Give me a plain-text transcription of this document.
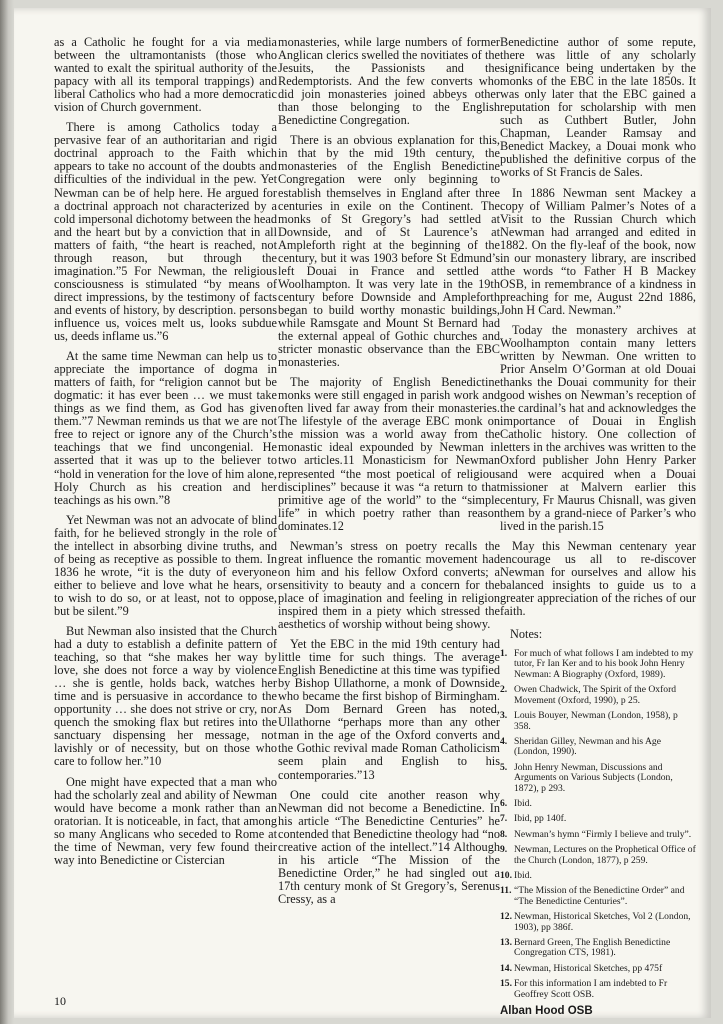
as a Catholic he fought for a via media between the ultramontanists (those who wanted to exalt the spiritual authority of the papacy with all its temporal trappings) and liberal Catholics who had a more democratic vision of Church government.

There is among Catholics today a pervasive fear of an authoritarian and rigid doctrinal approach to the Faith which appears to take no account of the doubts and difficulties of the individual in the pew. Yet Newman can be of help here. He argued for a doctrinal approach not characterized by a cold impersonal dichotomy between the head and the heart but by a conviction that in all matters of faith, “the heart is reached, not through reason, but through the imagination.”5 For Newman, the religious consciousness is stimulated “by means of direct impressions, by the testimony of facts and events of history, by description. persons influence us, voices melt us, looks subdue us, deeds inflame us.”6

At the same time Newman can help us to appreciate the importance of dogma in matters of faith, for “religion cannot but be dogmatic: it has ever been … we must take things as we find them, as God has given them.”7 Newman reminds us that we are not free to reject or ignore any of the Church’s teachings that we find uncongenial. He asserted that it was up to the believer to “hold in veneration for the love of him alone, Holy Church as his creation and her teachings as his own.”8

Yet Newman was not an advocate of blind faith, for he believed strongly in the role of the intellect in absorbing divine truths, and of being as receptive as possible to them. In 1836 he wrote, “it is the duty of everyone either to believe and love what he hears, or to wish to do so, or at least, not to oppose, but be silent.”9

But Newman also insisted that the Church had a duty to establish a definite pattern of teaching, so that “she makes her way by love, she does not force a way by violence … she is gentle, holds back, watches her time and is persuasive in accordance to the opportunity … she does not strive or cry, nor quench the smoking flax but retires into the sanctuary dispensing her message, not lavishly or of necessity, but on those who care to follow her.”10

One might have expected that a man who had the scholarly zeal and ability of Newman would have become a monk rather than an oratorian. It is noticeable, in fact, that among so many Anglicans who seceded to Rome at the time of Newman, very few found their way into Benedictine or Cistercian

monasteries, while large numbers of former Anglican clerics swelled the novitiates of the Jesuits, the Passionists and the Redemptorists. And the few converts who did join monasteries joined abbeys other than those belonging to the English Benedictine Congregation.

There is an obvious explanation for this, in that by the mid 19th century, the monasteries of the English Benedictine Congregation were only beginning to establish themselves in England after three centuries in exile on the Continent. The monks of St Gregory’s had settled at Downside, and of St Laurence’s at Ampleforth right at the beginning of the century, but it was 1903 before St Edmund’s left Douai in France and settled at Woolhampton. It was very late in the 19th century before Downside and Ampleforth began to build worthy monastic buildings, while Ramsgate and Mount St Bernard had the external appeal of Gothic churches and stricter monastic observance than the EBC monasteries.

The majority of English Benedictine monks were still engaged in parish work and often lived far away from their monasteries. The lifestyle of the average EBC monk on the mission was a world away from the monastic ideal expounded by Newman in two articles.11 Monasticism for Newman represented “the most poetical of religious disciplines” because it was “a return to that primitive age of the world” to the “simple life” in which poetry rather than reason dominates.12

Newman’s stress on poetry recalls the great influence the romantic movement had on him and his fellow Oxford converts; a sensitivity to beauty and a concern for the place of imagination and feeling in religion inspired them in a piety which stressed the aesthetics of worship without being showy.

Yet the EBC in the mid 19th century had little time for such things. The average English Benedictine at this time was typified by Bishop Ullathorne, a monk of Downside who became the first bishop of Birmingham. As Dom Bernard Green has noted, Ullathorne “perhaps more than any other man in the age of the Oxford converts and the Gothic revival made Roman Catholicism seem plain and English to his contemporaries.”13

One could cite another reason why Newman did not become a Benedictine. In his article “The Benedictine Centuries” he contended that Benedictine theology had “no creative action of the intellect.”14 Although in his article “The Mission of the Benedictine Order,” he had singled out a 17th century monk of St Gregory’s, Serenus Cressy, as a

Benedictine author of some repute, there was little of any scholarly significance being undertaken by the monks of the EBC in the late 1850s. It was only later that the EBC gained a reputation for scholarship with men such as Cuthbert Butler, John Chapman, Leander Ramsay and Benedict Mackey, a Douai monk who published the definitive corpus of the works of St Francis de Sales.

In 1886 Newman sent Mackey a copy of William Palmer’s Notes of a Visit to the Russian Church which Newman had arranged and edited in 1882. On the fly-leaf of the book, now in our monastery library, are inscribed the words “to Father H B Mackey OSB, in remembrance of a kindness in preaching for me, August 22nd 1886, John H Card. Newman.”

Today the monastery archives at Woolhampton contain many letters written by Newman. One written to Prior Anselm O’Gorman at old Douai thanks the Douai community for their good wishes on Newman’s reception of the cardinal’s hat and acknowledges the importance of Douai in English Catholic history. One collection of letters in the archives was written to the Oxford publisher John Henry Parker and were acquired when a Douai missioner at Malvern earlier this century, Fr Maurus Chisnall, was given them by a grand-niece of Parker’s who lived in the parish.15

May this Newman centenary year encourage us all to re-discover Newman for ourselves and allow his balanced insights to guide us to a greater appreciation of the riches of our faith.

Notes:
1. For much of what follows I am indebted to my tutor, Fr Ian Ker and to his book John Henry Newman: A Biography (Oxford, 1989).
2. Owen Chadwick, The Spirit of the Oxford Movement (Oxford, 1990), p 25.
3. Louis Bouyer, Newman (London, 1958), p 358.
4. Sheridan Gilley, Newman and his Age (London, 1990).
5. John Henry Newman, Discussions and Arguments on Various Subjects (London, 1872), p 293.
6. Ibid.
7. Ibid, pp 140f.
8. Newman’s hymn “Firmly I believe and truly”.
9. Newman, Lectures on the Prophetical Office of the Church (London, 1877), p 259.
10. Ibid.
11. “The Mission of the Benedictine Order” and “The Benedictine Centuries”.
12. Newman, Historical Sketches, Vol 2 (London, 1903), pp 386f.
13. Bernard Green, The English Benedictine Congregation CTS, 1981).
14. Newman, Historical Sketches, pp 475f
15. For this information I am indebted to Fr Geoffrey Scott OSB.
Alban Hood OSB
10
